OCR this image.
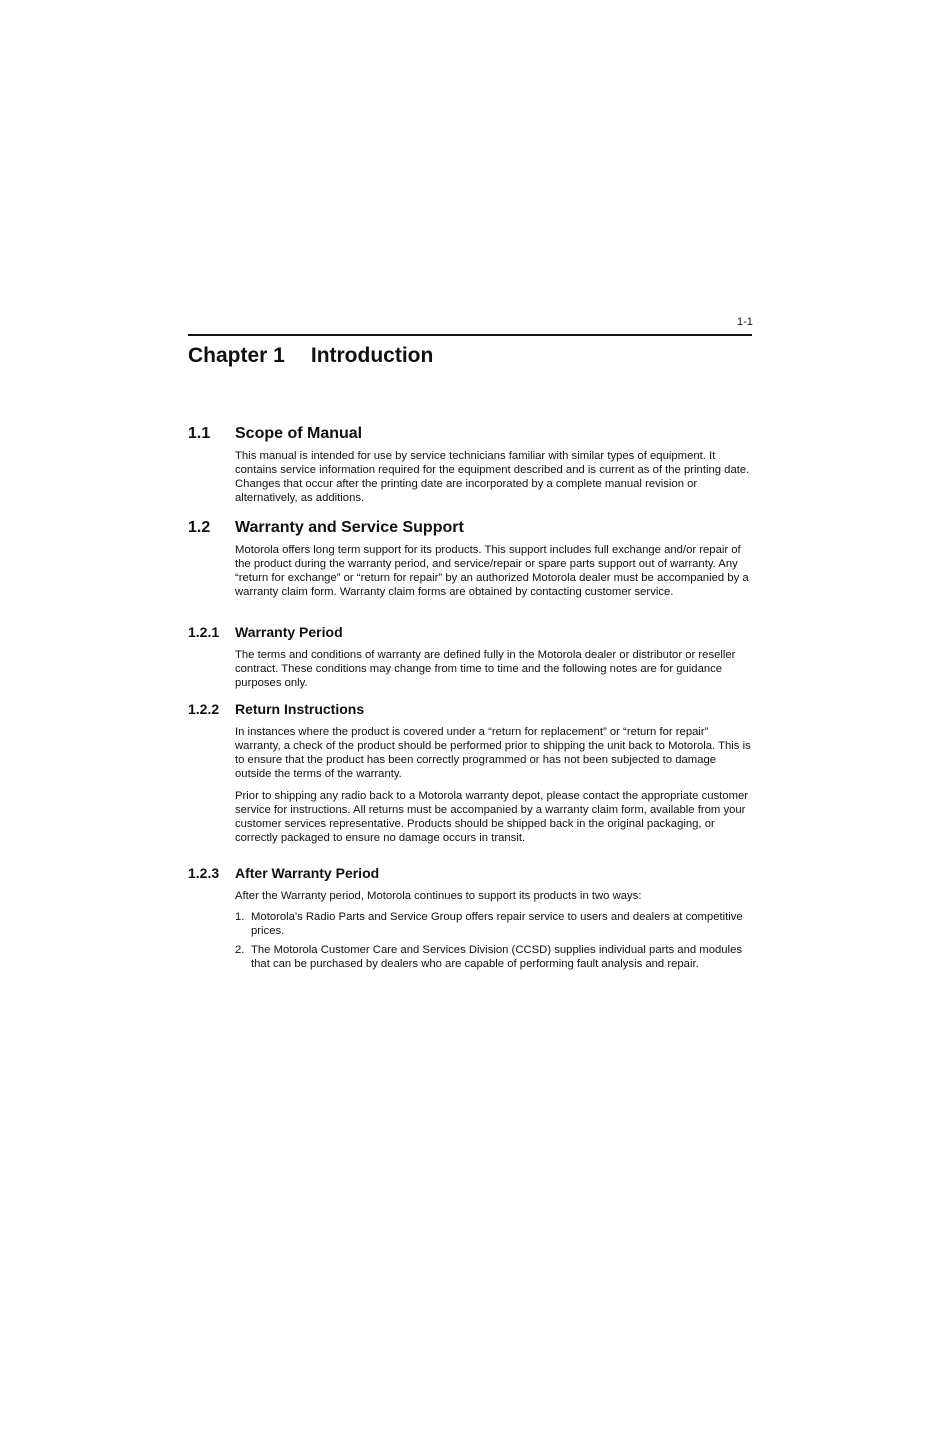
1-1
Chapter 1 Introduction
1.1 Scope of Manual

This manual is intended for use by service technicians familiar with similar types of equipment. It contains service information required for the equipment described and is current as of the printing date. Changes that occur after the printing date are incorporated by a complete manual revision or alternatively, as additions.

1.2 Warranty and Service Support

Motorola offers long term support for its products. This support includes full exchange and/or repair of the product during the warranty period, and service/repair or spare parts support out of warranty. Any “return for exchange” or “return for repair” by an authorized Motorola dealer must be accompanied by a warranty claim form. Warranty claim forms are obtained by contacting customer service.

1.2.1 Warranty Period

The terms and conditions of warranty are defined fully in the Motorola dealer or distributor or reseller contract. These conditions may change from time to time and the following notes are for guidance purposes only.

1.2.2 Return Instructions

In instances where the product is covered under a “return for replacement” or “return for repair” warranty, a check of the product should be performed prior to shipping the unit back to Motorola. This is to ensure that the product has been correctly programmed or has not been subjected to damage outside the terms of the warranty.

Prior to shipping any radio back to a Motorola warranty depot, please contact the appropriate customer service for instructions. All returns must be accompanied by a warranty claim form, available from your customer services representative. Products should be shipped back in the original packaging, or correctly packaged to ensure no damage occurs in transit.

1.2.3 After Warranty Period

After the Warranty period, Motorola continues to support its products in two ways:

1. Motorola's Radio Parts and Service Group offers repair service to users and dealers at competitive prices.

2. The Motorola Customer Care and Services Division (CCSD) supplies individual parts and modules that can be purchased by dealers who are capable of performing fault analysis and repair.
